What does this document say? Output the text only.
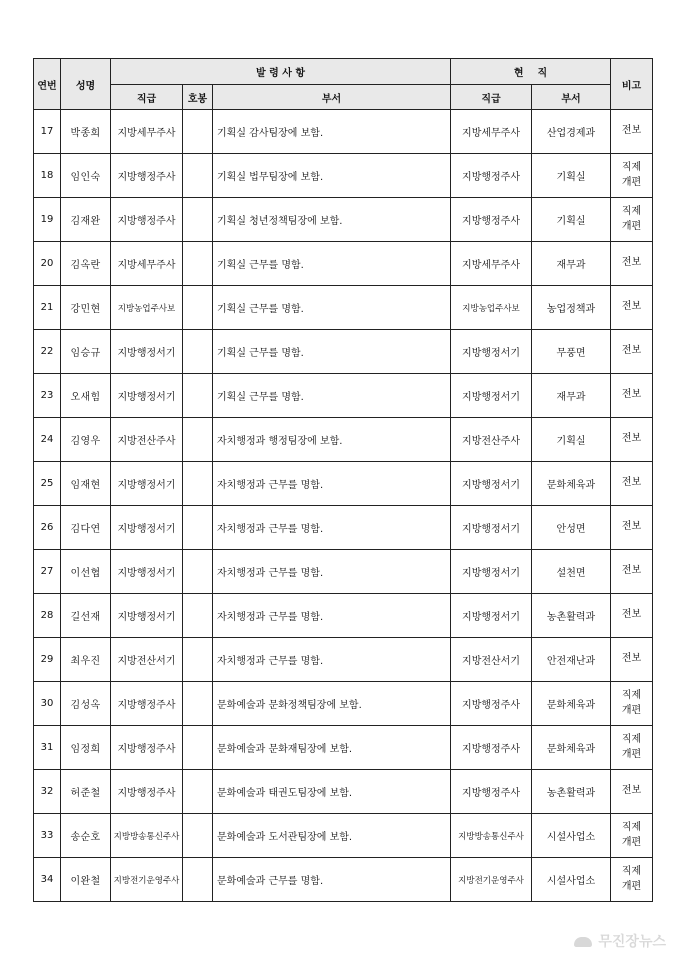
연번	성명	발 령 사 항			현    직		비고
		직급	호봉	부서	직급	부서	
17	박종희	지방세무주사		기획실 감사팀장에 보함.	지방세무주사	산업경제과	전보

18	임인숙	지방행정주사		기획실 법무팀장에 보함.	지방행정주사	기획실	직제
개편

19	김재완	지방행정주사		기획실 청년정책팀장에 보함.	지방행정주사	기획실	직제
개편

20	김옥란	지방세무주사		기획실 근무를 명함.	지방세무주사	재무과	전보

21	강민현	지방농업주사보		기획실 근무를 명함.	지방농업주사보	농업정책과	전보

22	임승규	지방행정서기		기획실 근무를 명함.	지방행정서기	무풍면	전보

23	오새힘	지방행정서기		기획실 근무를 명함.	지방행정서기	재무과	전보

24	김영우	지방전산주사		자치행정과 행정팀장에 보함.	지방전산주사	기획실	전보

25	임재현	지방행정서기		자치행정과 근무를 명함.	지방행정서기	문화체육과	전보

26	김다연	지방행정서기		자치행정과 근무를 명함.	지방행정서기	안성면	전보

27	이선협	지방행정서기		자치행정과 근무를 명함.	지방행정서기	설천면	전보

28	길선재	지방행정서기		자치행정과 근무를 명함.	지방행정서기	농촌활력과	전보

29	최우진	지방전산서기		자치행정과 근무를 명함.	지방전산서기	안전재난과	전보

30	김성옥	지방행정주사		문화예술과 문화정책팀장에 보함.	지방행정주사	문화체육과	직제
개편

31	임정희	지방행정주사		문화예술과 문화재팀장에 보함.	지방행정주사	문화체육과	직제
개편

32	허준철	지방행정주사		문화예술과 태권도팀장에 보함.	지방행정주사	농촌활력과	전보

33	송순호	지방방송통신주사		문화예술과 도서관팀장에 보함.	지방방송통신주사	시설사업소	직제
개편

34	이완철	지방전기운영주사		문화예술과 근무를 명함.	지방전기운영주사	시설사업소	직제
개편
무진장뉴스
